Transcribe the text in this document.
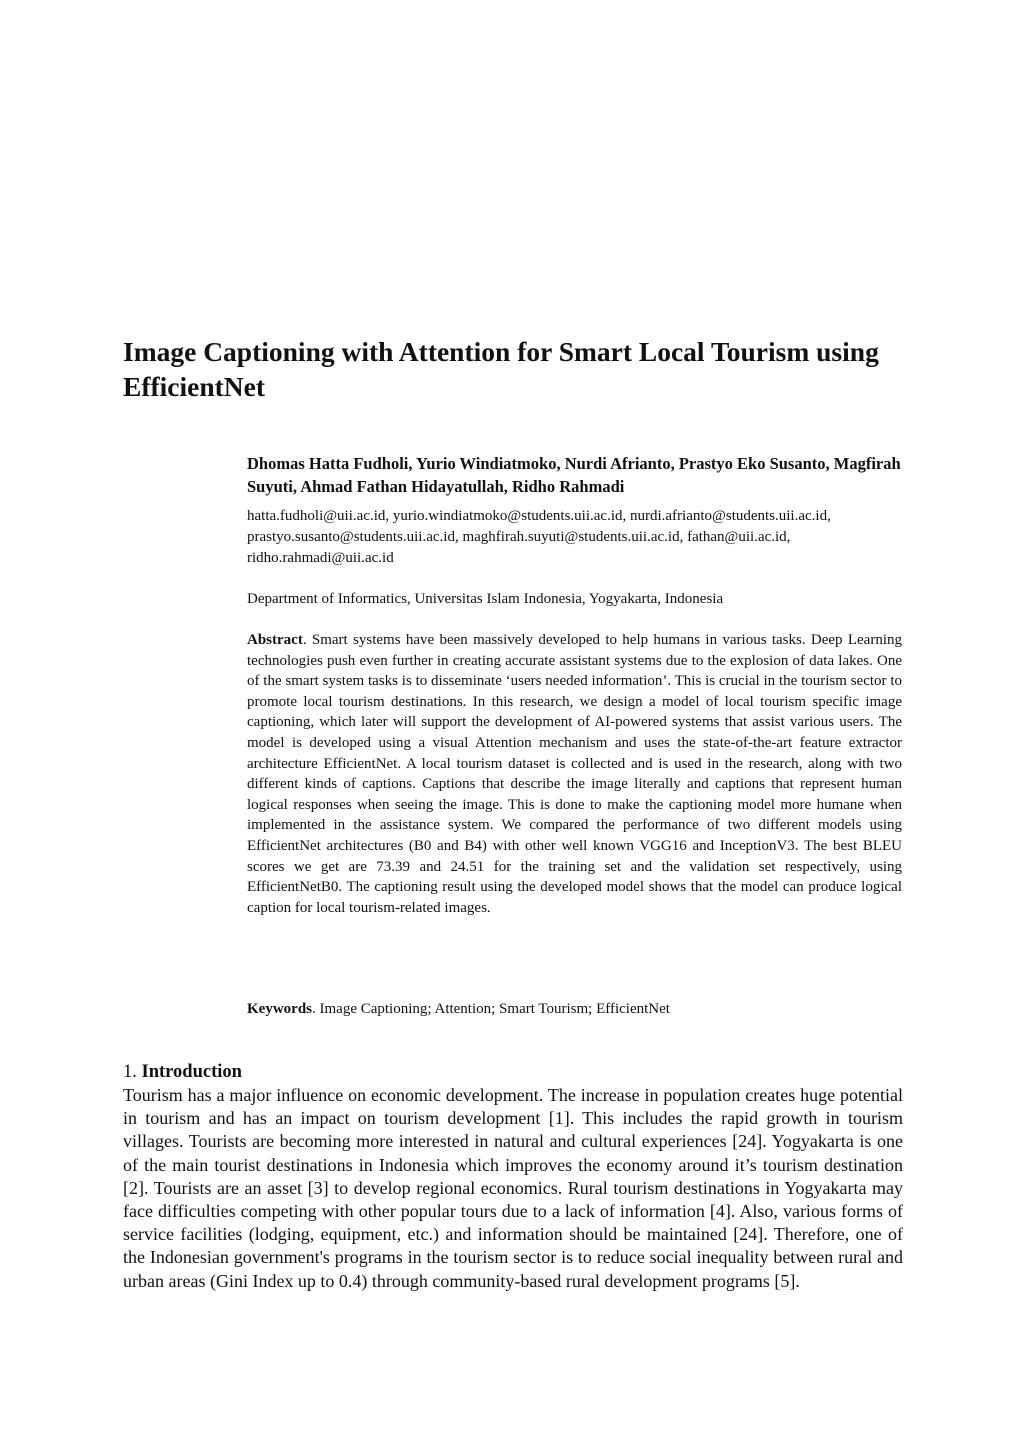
Image Captioning with Attention for Smart Local Tourism using EfficientNet

Dhomas Hatta Fudholi, Yurio Windiatmoko, Nurdi Afrianto, Prastyo Eko Susanto, Magfirah Suyuti, Ahmad Fathan Hidayatullah, Ridho Rahmadi

hatta.fudholi@uii.ac.id, yurio.windiatmoko@students.uii.ac.id, nurdi.afrianto@students.uii.ac.id, prastyo.susanto@students.uii.ac.id, maghfirah.suyuti@students.uii.ac.id, fathan@uii.ac.id, ridho.rahmadi@uii.ac.id

Department of Informatics, Universitas Islam Indonesia, Yogyakarta, Indonesia

Abstract. Smart systems have been massively developed to help humans in various tasks. Deep Learning technologies push even further in creating accurate assistant systems due to the explosion of data lakes. One of the smart system tasks is to disseminate ‘users needed information’. This is crucial in the tourism sector to promote local tourism destinations. In this research, we design a model of local tourism specific image captioning, which later will support the development of AI-powered systems that assist various users. The model is developed using a visual Attention mechanism and uses the state-of-the-art feature extractor architecture EfficientNet. A local tourism dataset is collected and is used in the research, along with two different kinds of captions. Captions that describe the image literally and captions that represent human logical responses when seeing the image. This is done to make the captioning model more humane when implemented in the assistance system. We compared the performance of two different models using EfficientNet architectures (B0 and B4) with other well known VGG16 and InceptionV3. The best BLEU scores we get are 73.39 and 24.51 for the training set and the validation set respectively, using EfficientNetB0. The captioning result using the developed model shows that the model can produce logical caption for local tourism-related images.

Keywords. Image Captioning; Attention; Smart Tourism; EfficientNet

1. Introduction

Tourism has a major influence on economic development. The increase in population creates huge potential in tourism and has an impact on tourism development [1]. This includes the rapid growth in tourism villages. Tourists are becoming more interested in natural and cultural experiences [24]. Yogyakarta is one of the main tourist destinations in Indonesia which improves the economy around it’s tourism destination [2]. Tourists are an asset [3] to develop regional economics. Rural tourism destinations in Yogyakarta may face difficulties competing with other popular tours due to a lack of information [4]. Also, various forms of service facilities (lodging, equipment, etc.) and information should be maintained [24]. Therefore, one of the Indonesian government's programs in the tourism sector is to reduce social inequality between rural and urban areas (Gini Index up to 0.4) through community-based rural development programs [5].
